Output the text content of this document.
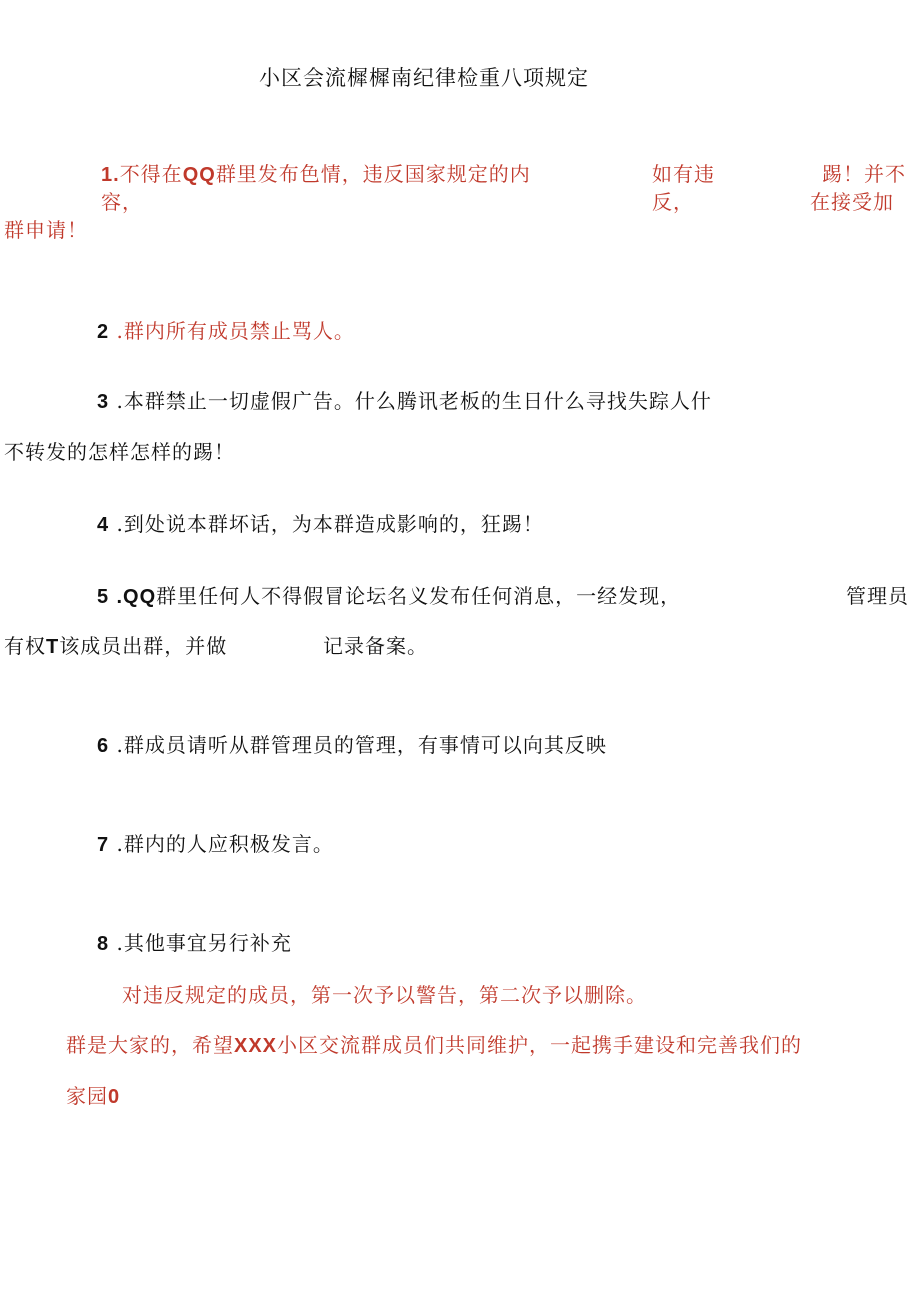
小区会流樨樨南纪律检重八项规定
1.不得在QQ群里发布色情，违反国家规定的内
容，
如有违
反，
踢！并不
在接受加
群申请！
2 .群内所有成员禁止骂人。
3 .本群禁止一切虚假广告。什么腾讯老板的生日什么寻找失踪人什
不转发的怎样怎样的踢！
4 .到处说本群坏话，为本群造成影响的，狂踢！
5 .QQ群里任何人不得假冒论坛名义发布任何消息，一经发现，	管理员
有权T该成员出群，并做	记录备案。
6 .群成员请听从群管理员的管理，有事情可以向其反映
7 .群内的人应积极发言。
8 .其他事宜另行补充
对违反规定的成员，第一次予以警告，第二次予以删除。
群是大家的，希望XXX小区交流群成员们共同维护，一起携手建设和完善我们的
家园0
